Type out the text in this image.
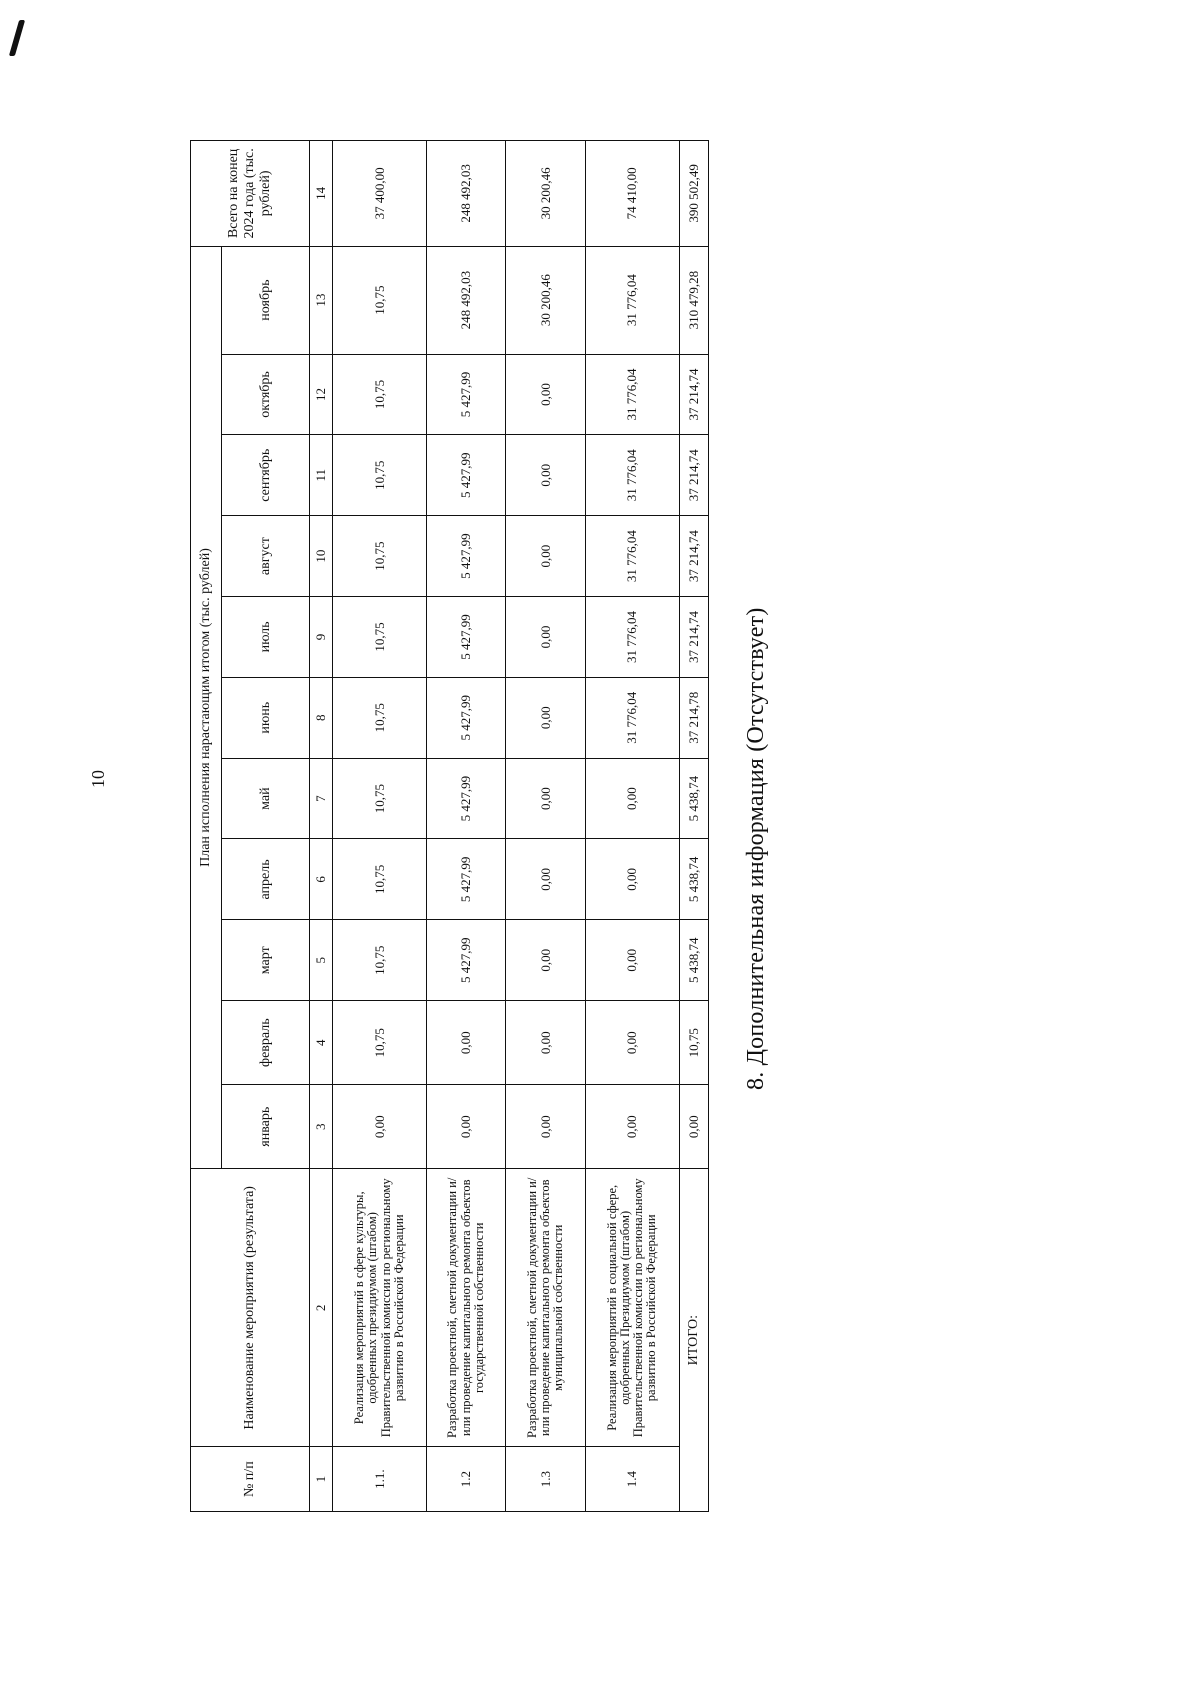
10
№ п/п	Наименование мероприятия (результата)	План исполнения нарастающим итогом (тыс. рублей)											Всего на конец 2024 года (тыс. рублей)
		январь	февраль	март	апрель	май	июнь	июль	август	сентябрь	октябрь	ноябрь	
1	2	3	4	5	6	7	8	9	10	11	12	13	14
1.1.	Реализация мероприятий в сфере культуры, одобренных президиумом (штабом) Правительственной комиссии по региональному развитию в Российской Федерации	0,00	10,75	10,75	10,75	10,75	10,75	10,75	10,75	10,75	10,75	10,75	37 400,00
1.2	Разработка проектной, сметной документации и/или проведение капитального ремонта объектов государственной собственности	0,00	0,00	5 427,99	5 427,99	5 427,99	5 427,99	5 427,99	5 427,99	5 427,99	5 427,99	248 492,03	248 492,03
1.3	Разработка проектной, сметной документации и/или проведение капитального ремонта объектов муниципальной собственности	0,00	0,00	0,00	0,00	0,00	0,00	0,00	0,00	0,00	0,00	30 200,46	30 200,46
1.4	Реализация мероприятий в социальной сфере, одобренных Президиумом (штабом) Правительственной комиссии по региональному развитию в Российской Федерации	0,00	0,00	0,00	0,00	0,00	31 776,04	31 776,04	31 776,04	31 776,04	31 776,04	31 776,04	74 410,00
ИТОГО:		0,00	10,75	5 438,74	5 438,74	5 438,74	37 214,78	37 214,74	37 214,74	37 214,74	37 214,74	310 479,28	390 502,49
8. Дополнительная информация (Отсутствует)
